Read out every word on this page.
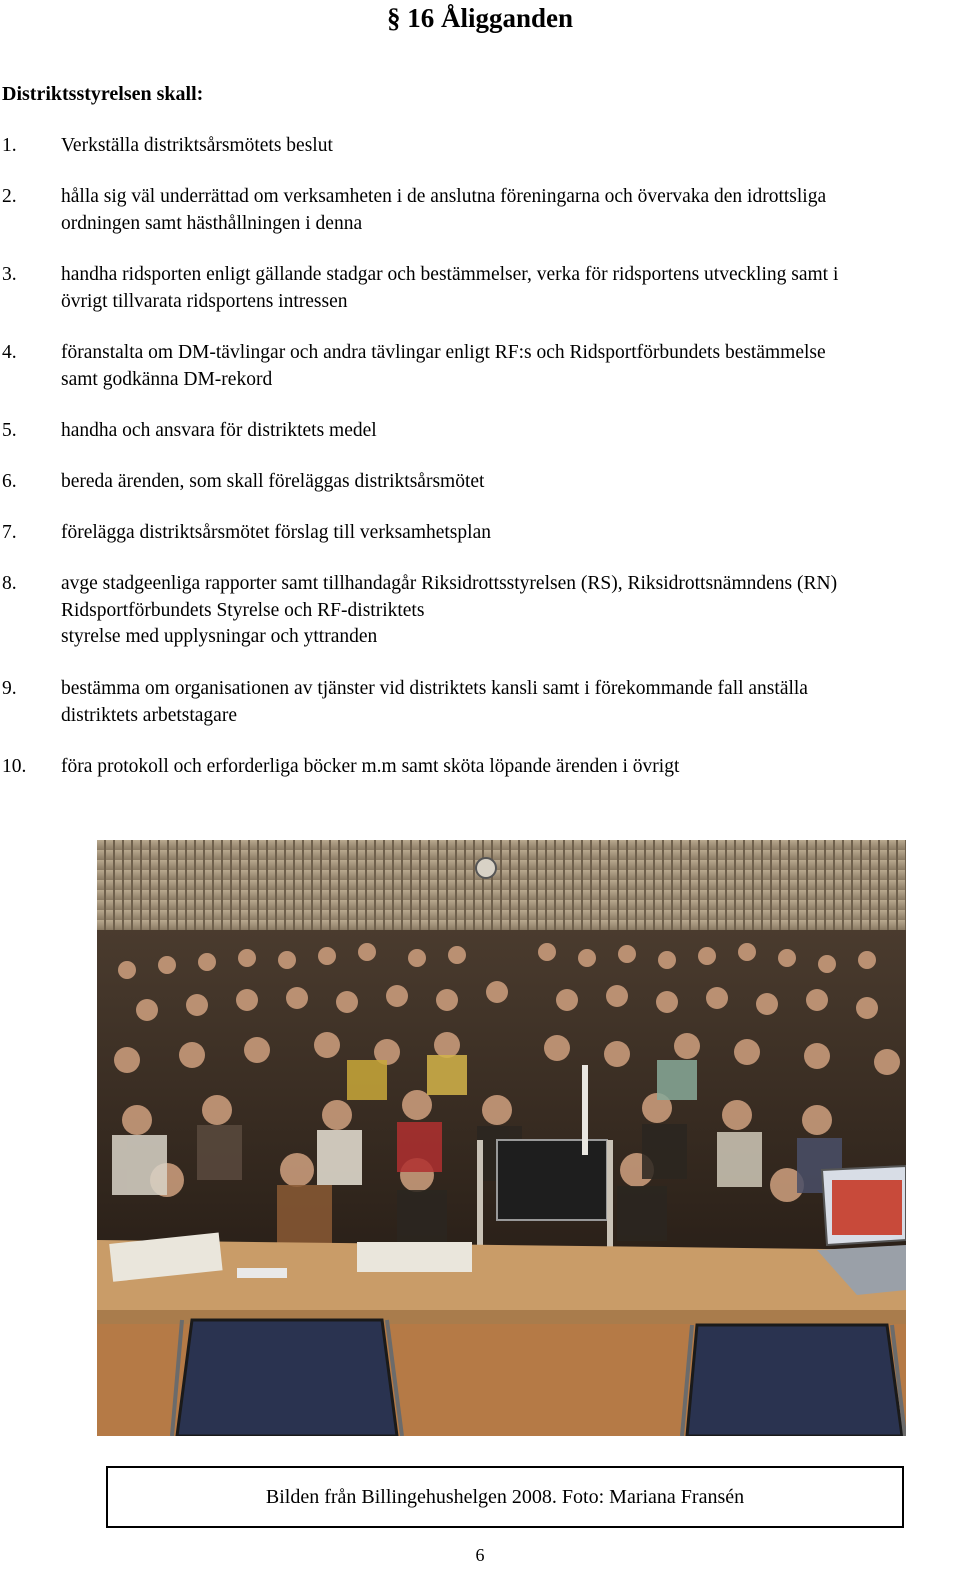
§ 16 Åligganden
Distriktsstyrelsen skall:
1. Verkställa distriktsårsmötets beslut
2. hålla sig väl underrättad om verksamheten i de anslutna föreningarna och övervaka den idrottsliga
ordningen samt hästhållningen i denna
3. handha ridsporten enligt gällande stadgar och bestämmelser, verka för ridsportens utveckling samt i
övrigt tillvarata ridsportens intressen
4. föranstalta om DM-tävlingar och andra tävlingar enligt RF:s och Ridsportförbundets bestämmelse
samt godkänna DM-rekord
5. handha och ansvara för distriktets medel
6. bereda ärenden, som skall föreläggas distriktsårsmötet
7. förelägga distriktsårsmötet förslag till verksamhetsplan
8. avge stadgeenliga rapporter samt tillhandagår Riksidrottsstyrelsen (RS), Riksidrottsnämndens (RN)
Ridsportförbundets Styrelse och RF-distriktets
styrelse med upplysningar och yttranden
9. bestämma om organisationen av tjänster vid distriktets kansli samt i förekommande fall anställa
distriktets arbetstagare
10. föra protokoll och erforderliga böcker m.m samt sköta löpande ärenden i övrigt
Bilden från Billingehushelgen 2008. Foto: Mariana Fransén
6
